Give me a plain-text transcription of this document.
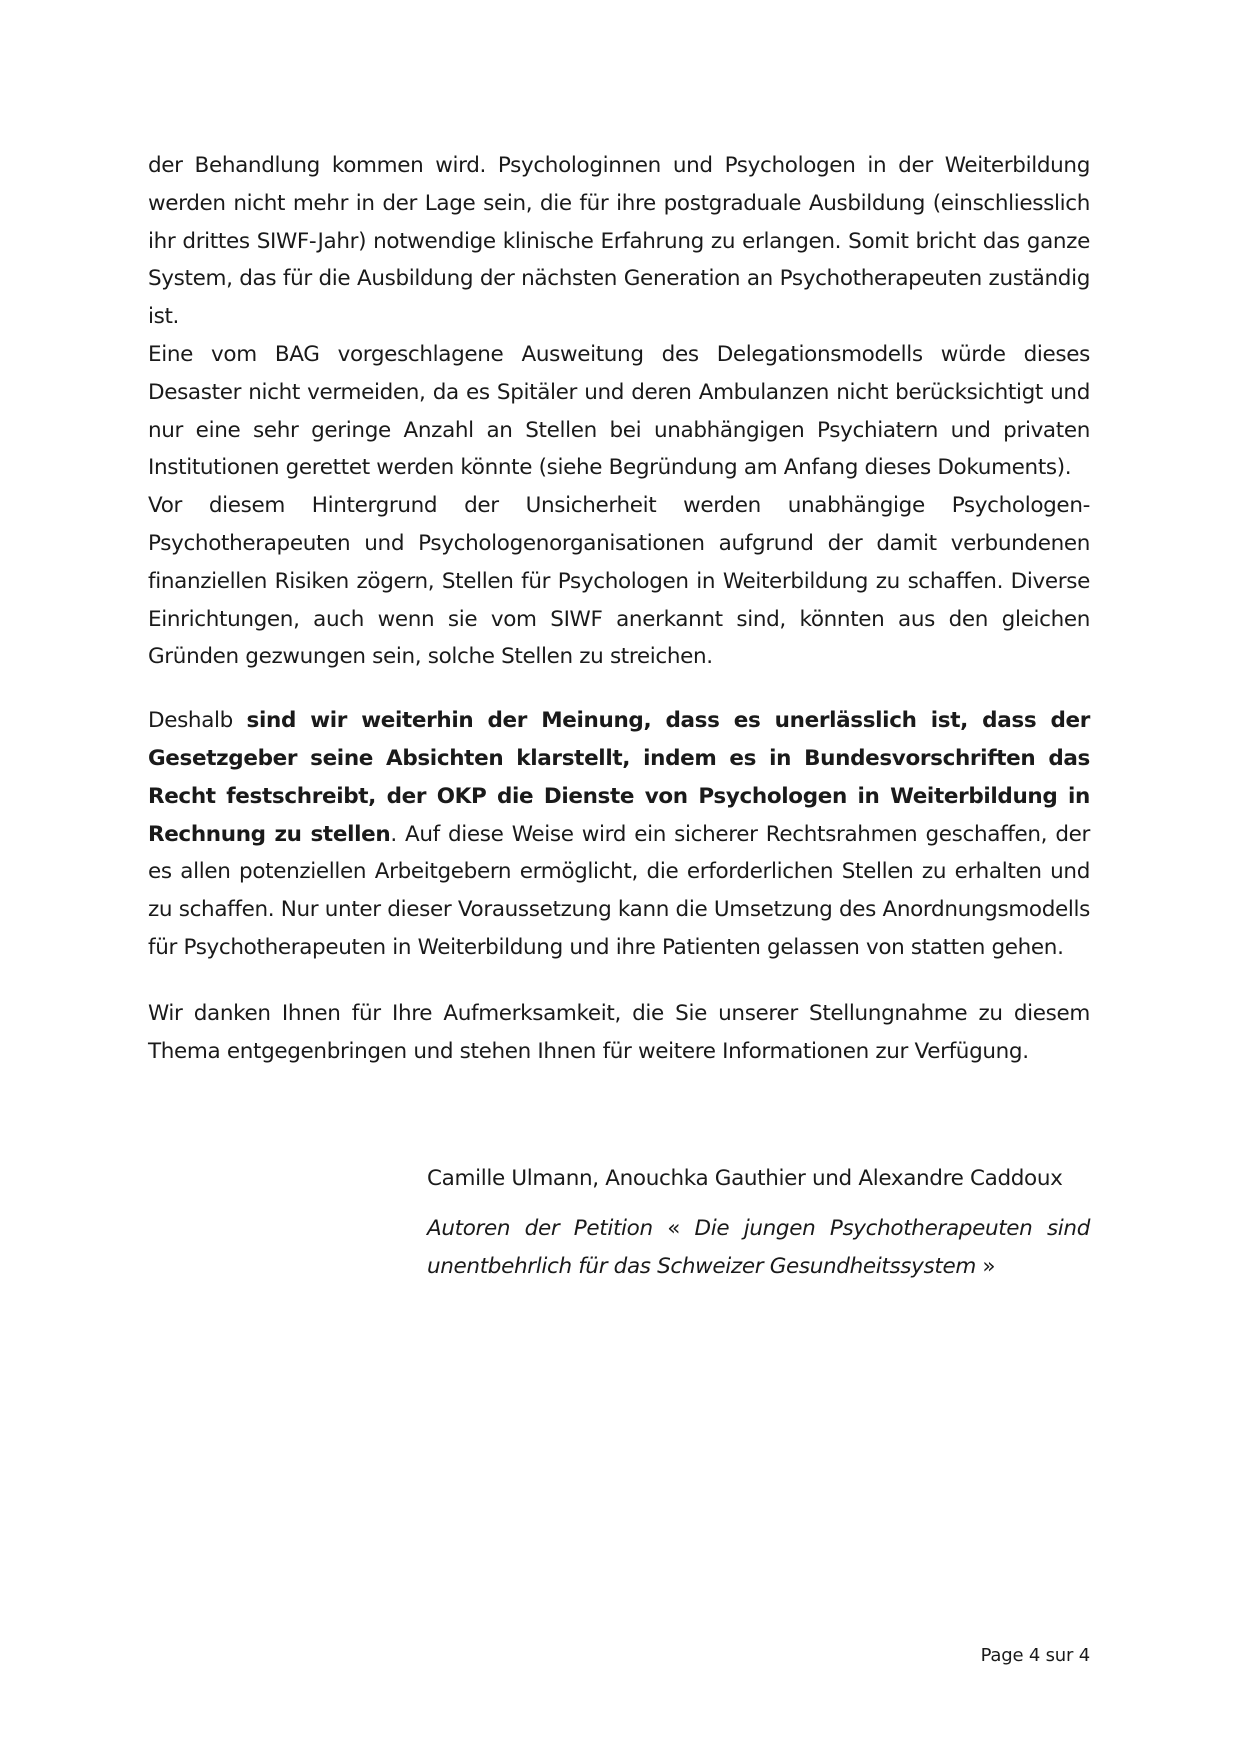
der Behandlung kommen wird. Psychologinnen und Psychologen in der Weiterbildung werden nicht mehr in der Lage sein, die für ihre postgraduale Ausbildung (einschliesslich ihr drittes SIWF-Jahr) notwendige klinische Erfahrung zu erlangen. Somit bricht das ganze System, das für die Ausbildung der nächsten Generation an Psychotherapeuten zuständig ist.

Eine vom BAG vorgeschlagene Ausweitung des Delegationsmodells würde dieses Desaster nicht vermeiden, da es Spitäler und deren Ambulanzen nicht berücksichtigt und nur eine sehr geringe Anzahl an Stellen bei unabhängigen Psychiatern und privaten Institutionen gerettet werden könnte (siehe Begründung am Anfang dieses Dokuments).

Vor diesem Hintergrund der Unsicherheit werden unabhängige Psychologen-Psychotherapeuten und Psychologenorganisationen aufgrund der damit verbundenen finanziellen Risiken zögern, Stellen für Psychologen in Weiterbildung zu schaffen. Diverse Einrichtungen, auch wenn sie vom SIWF anerkannt sind, könnten aus den gleichen Gründen gezwungen sein, solche Stellen zu streichen.

Deshalb sind wir weiterhin der Meinung, dass es unerlässlich ist, dass der Gesetzgeber seine Absichten klarstellt, indem es in Bundesvorschriften das Recht festschreibt, der OKP die Dienste von Psychologen in Weiterbildung in Rechnung zu stellen. Auf diese Weise wird ein sicherer Rechtsrahmen geschaffen, der es allen potenziellen Arbeitgebern ermöglicht, die erforderlichen Stellen zu erhalten und zu schaffen. Nur unter dieser Voraussetzung kann die Umsetzung des Anordnungsmodells für Psychotherapeuten in Weiterbildung und ihre Patienten gelassen von statten gehen.

Wir danken Ihnen für Ihre Aufmerksamkeit, die Sie unserer Stellungnahme zu diesem Thema entgegenbringen und stehen Ihnen für weitere Informationen zur Verfügung.

Camille Ulmann, Anouchka Gauthier und Alexandre Caddoux

Autoren der Petition « Die jungen Psychotherapeuten sind unentbehrlich für das Schweizer Gesundheitssystem »

Page 4 sur 4
